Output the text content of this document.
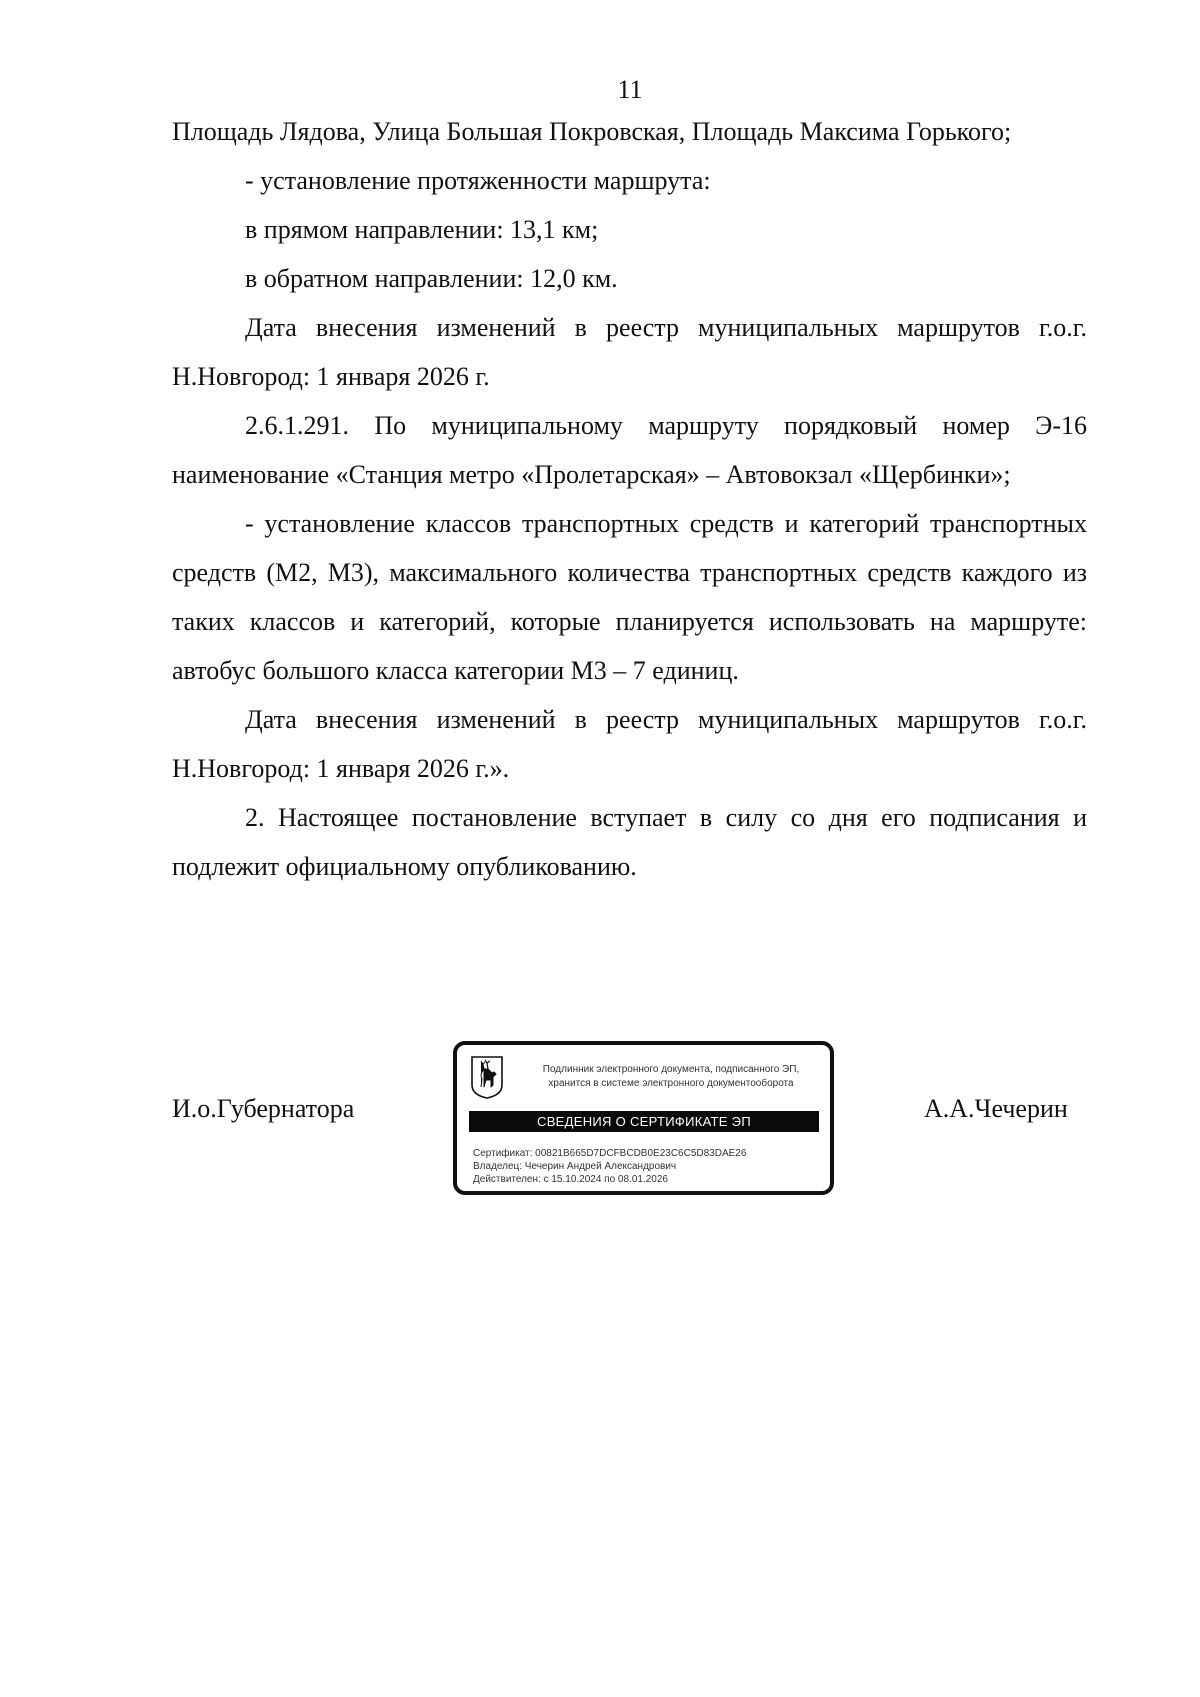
11

Площадь Лядова, Улица Большая Покровская, Площадь Максима Горького;

- установление протяженности маршрута:

в прямом направлении: 13,1 км;

в обратном направлении: 12,0 км.

Дата внесения изменений в реестр муниципальных маршрутов г.о.г. Н.Новгород: 1 января 2026 г.

2.6.1.291. По муниципальному маршруту порядковый номер Э-16 наименование «Станция метро «Пролетарская» – Автовокзал «Щербинки»;

- установление классов транспортных средств и категорий транспортных средств (М2, М3), максимального количества транспортных средств каждого из таких классов и категорий, которые планируется использовать на маршруте: автобус большого класса категории М3 – 7 единиц.

Дата внесения изменений в реестр муниципальных маршрутов г.о.г. Н.Новгород: 1 января 2026 г.».

2. Настоящее постановление вступает в силу со дня его подписания и подлежит официальному опубликованию.

И.о.Губернатора	А.А.Чечерин
Подлинник электронного документа, подписанного ЭП,
хранится в системе электронного документооборота
СВЕДЕНИЯ О СЕРТИФИКАТЕ ЭП
Сертификат: 00821B665D7DCFBCDB0E23C6C5D83DAE26
Владелец: Чечерин Андрей Александрович
Действителен: с 15.10.2024 по 08.01.2026
